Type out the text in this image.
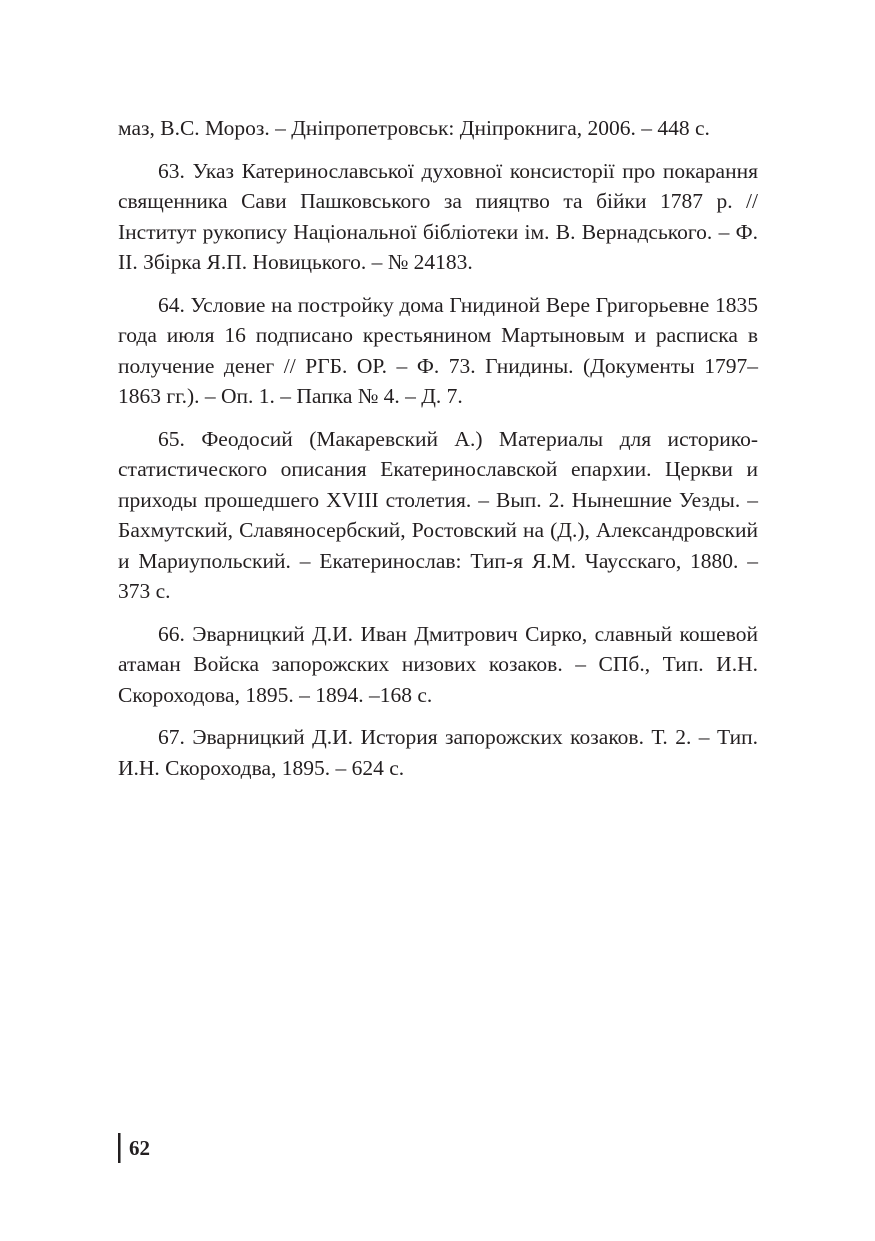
маз, В.С. Мороз. – Дніпропетровськ: Дніпрокнига, 2006. – 448 с.

63. Указ Катеринославської духовної консисторії про покарання священника Сави Пашковського за пияцтво та бійки 1787 р. // Інститут рукопису Національної бібліотеки ім. В. Вернадського. – Ф. ІІ. Збірка Я.П. Новицького. – № 24183.

64. Условие на постройку дома Гнидиной Вере Григорьевне 1835 года июля 16 подписано крестьянином Мартыновым и расписка в получение денег // РГБ. ОР. – Ф. 73. Гнидины. (Документы 1797–1863 гг.). – Оп. 1. – Папка № 4. – Д. 7.

65. Феодосий (Макаревский А.) Материалы для историко-статистического описания Екатеринославской епархии. Церкви и приходы прошедшего XVIII столетия. – Вып. 2. Нынешние Уезды. – Бахмутский, Славяносербский, Ростовский на (Д.), Александровский и Мариупольский. – Екатеринослав: Тип-я Я.М. Чаусскаго, 1880. – 373 с.

66. Эварницкий Д.И. Иван Дмитрович Сирко, славный кошевой атаман Войска запорожских низових козаков. – СПб., Тип. И.Н. Скороходова, 1895. – 1894. –168 с.

67. Эварницкий Д.И. История запорожских козаков. Т. 2. – Тип. И.Н. Скороходва, 1895. – 624 с.

62
